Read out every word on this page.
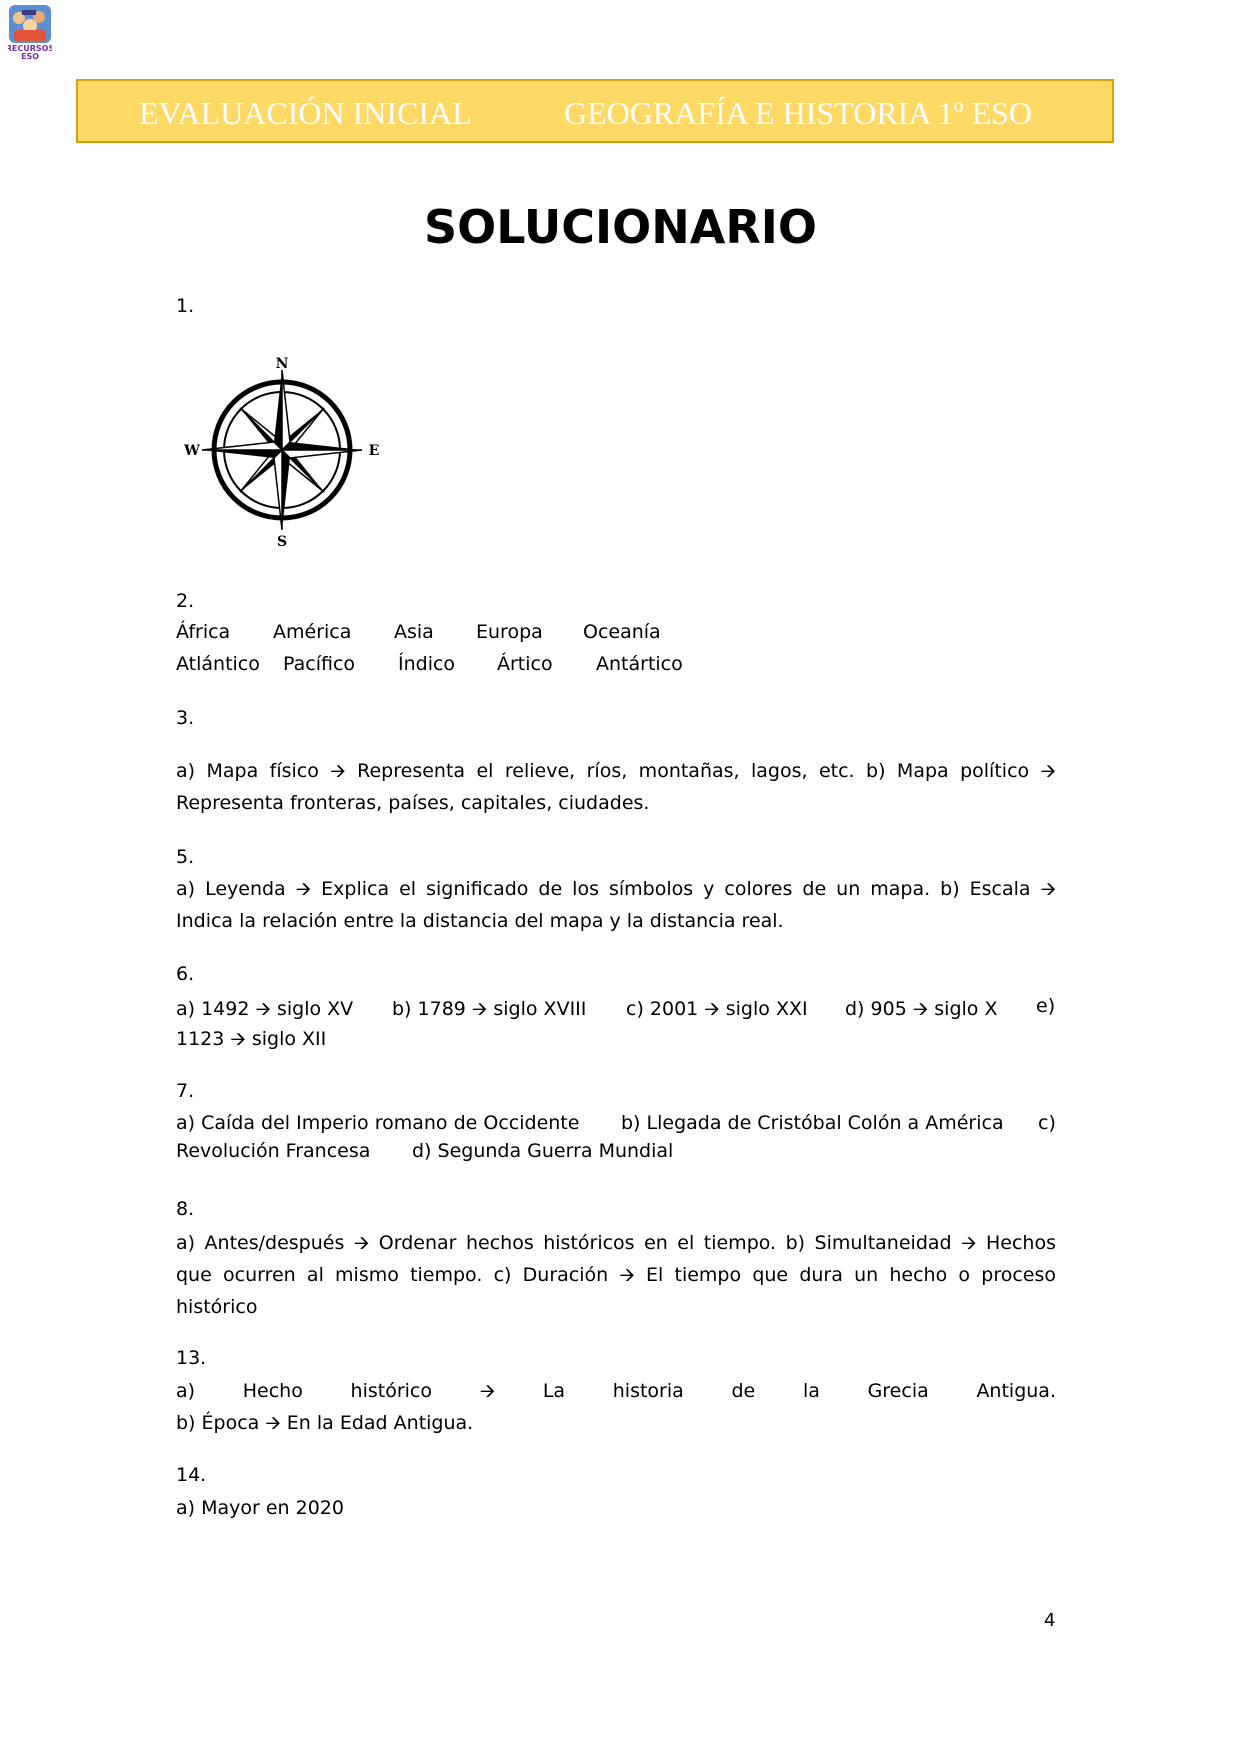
RECURSOS
ESO
EVALUACIÓN INICIAL	GEOGRAFÍA E HISTORIA 1º ESO
SOLUCIONARIO
1.
N
S
E
W
2.
África América Asia Europa Oceanía
Atlántico Pacífico Índico Ártico Antártico
3.
a) Mapa físico 🡪 Representa el relieve, ríos, montañas, lagos, etc. b) Mapa político 🡪
Representa fronteras, países, capitales, ciudades.
5.
a) Leyenda 🡪 Explica el significado de los símbolos y colores de un mapa. b) Escala 🡪
Indica la relación entre la distancia del mapa y la distancia real.
6.
a) 1492 🡪 siglo XV b) 1789 🡪 siglo XVIII c) 2001 🡪 siglo XXI d) 905 🡪 siglo X e)
1123 🡪 siglo XII
7.
a) Caída del Imperio romano de Occidente b) Llegada de Cristóbal Colón a América c)
Revolución Francesa d) Segunda Guerra Mundial
8.
a) Antes/después 🡪 Ordenar hechos históricos en el tiempo. b) Simultaneidad 🡪 Hechos
que ocurren al mismo tiempo. c) Duración 🡪 El tiempo que dura un hecho o proceso
histórico
13.
a) Hecho histórico 🡪 La historia de la Grecia Antigua.
b) Época 🡪 En la Edad Antigua.
14.
a) Mayor en 2020
4
